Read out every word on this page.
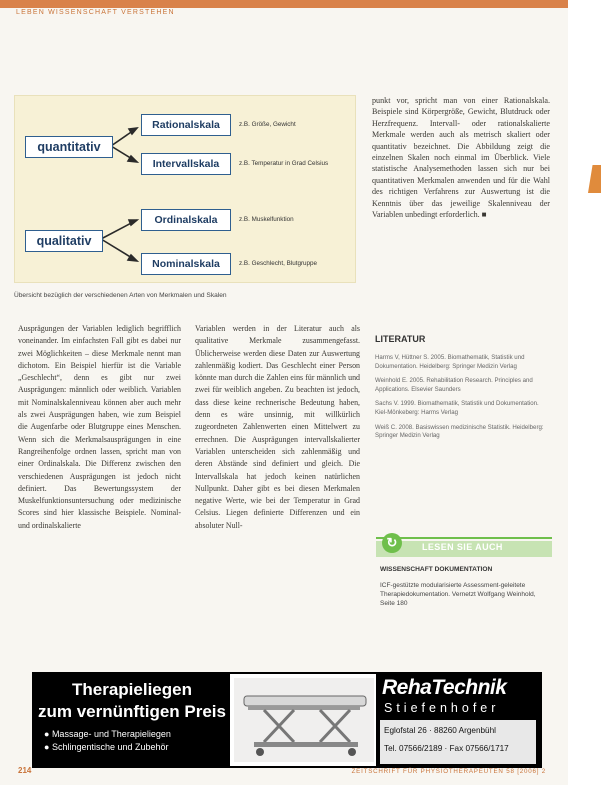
LEBEN WISSENSCHAFT VERSTEHEN
quantitativ
Rationalskala	z.B. Größe, Gewicht
Intervallskala	z.B. Temperatur in Grad Celsius
qualitativ
Ordinalskala	z.B. Muskelfunktion
Nominalskala	z.B. Geschlecht, Blutgruppe
Übersicht bezüglich der verschiedenen Arten von Merkmalen und Skalen
punkt vor, spricht man von einer Rationalskala. Beispiele sind Körpergröße, Gewicht, Blutdruck oder Herzfrequenz. Intervall- oder rationalskalierte Merkmale werden auch als metrisch skaliert oder quantitativ bezeichnet. Die Abbildung zeigt die einzelnen Skalen noch einmal im Überblick. Viele statistische Analysemethoden lassen sich nur bei quantitativen Merkmalen anwenden und für die Wahl des richtigen Verfahrens zur Auswertung ist die Kenntnis über das jeweilige Skalenniveau der Variablen unbedingt erforderlich. ■
Ausprägungen der Variablen lediglich begrifflich voneinander. Im einfachsten Fall gibt es dabei nur zwei Möglichkeiten – diese Merkmale nennt man dichotom. Ein Beispiel hierfür ist die Variable „Geschlecht“, denn es gibt nur zwei Ausprägungen: männlich oder weiblich. Variablen mit Nominalskalenniveau können aber auch mehr als zwei Ausprägungen haben, wie zum Beispiel die Augenfarbe oder Blutgruppe eines Menschen. Wenn sich die Merkmalsausprägungen in eine Rangreihenfolge ordnen lassen, spricht man von einer Ordinalskala. Die Differenz zwischen den verschiedenen Ausprägungen ist jedoch nicht definiert. Das Bewertungssystem der Muskelfunktionsuntersuchung oder medizinische Scores sind hier klassische Beispiele. Nominal- und ordinalskalierte
Variablen werden in der Literatur auch als qualitative Merkmale zusammengefasst. Üblicherweise werden diese Daten zur Auswertung zahlenmäßig kodiert. Das Geschlecht einer Person könnte man durch die Zahlen eins für männlich und zwei für weiblich angeben. Zu beachten ist jedoch, dass diese keine rechnerische Bedeutung haben, denn es wäre unsinnig, mit willkürlich zugeordneten Zahlenwerten einen Mittelwert zu errechnen. Die Ausprägungen intervallskalierter Variablen unterscheiden sich zahlenmäßig und deren Abstände sind definiert und gleich. Die Intervallskala hat jedoch keinen natürlichen Nullpunkt. Daher gibt es bei diesen Merkmalen negative Werte, wie bei der Temperatur in Grad Celsius. Liegen definierte Differenzen und ein absoluter Null-
LITERATUR
Harms V, Hüttner S. 2005. Biomathematik, Statistik und Dokumentation. Heidelberg: Springer Medizin Verlag
Weinhold E. 2005. Rehabilitation Research. Principles and Applications. Elsevier Saunders
Sachs V. 1999. Biomathematik, Statistik und Dokumentation. Kiel-Mönkeberg: Harms Verlag
Weiß C. 2008. Basiswissen medizinische Statistik. Heidelberg: Springer Medizin Verlag
↻	LESEN SIE AUCH
WISSENSCHAFT DOKUMENTATION
ICF-gestützte modularisierte Assessment-geleitete Therapiedokumentation. Vernetzt Wolfgang Weinhold, Seite 180
Therapieliegen
zum vernünftigen Preis
● Massage- und Therapieliegen
● Schlingentische und Zubehör
RehaTechnik
Stiefenhofer
Eglofstal 26 · 88260 Argenbühl
Tel. 07566/2189 · Fax 07566/1717
214	ZEITSCHRIFT FÜR PHYSIOTHERAPEUTEN 58 [2006] 2
